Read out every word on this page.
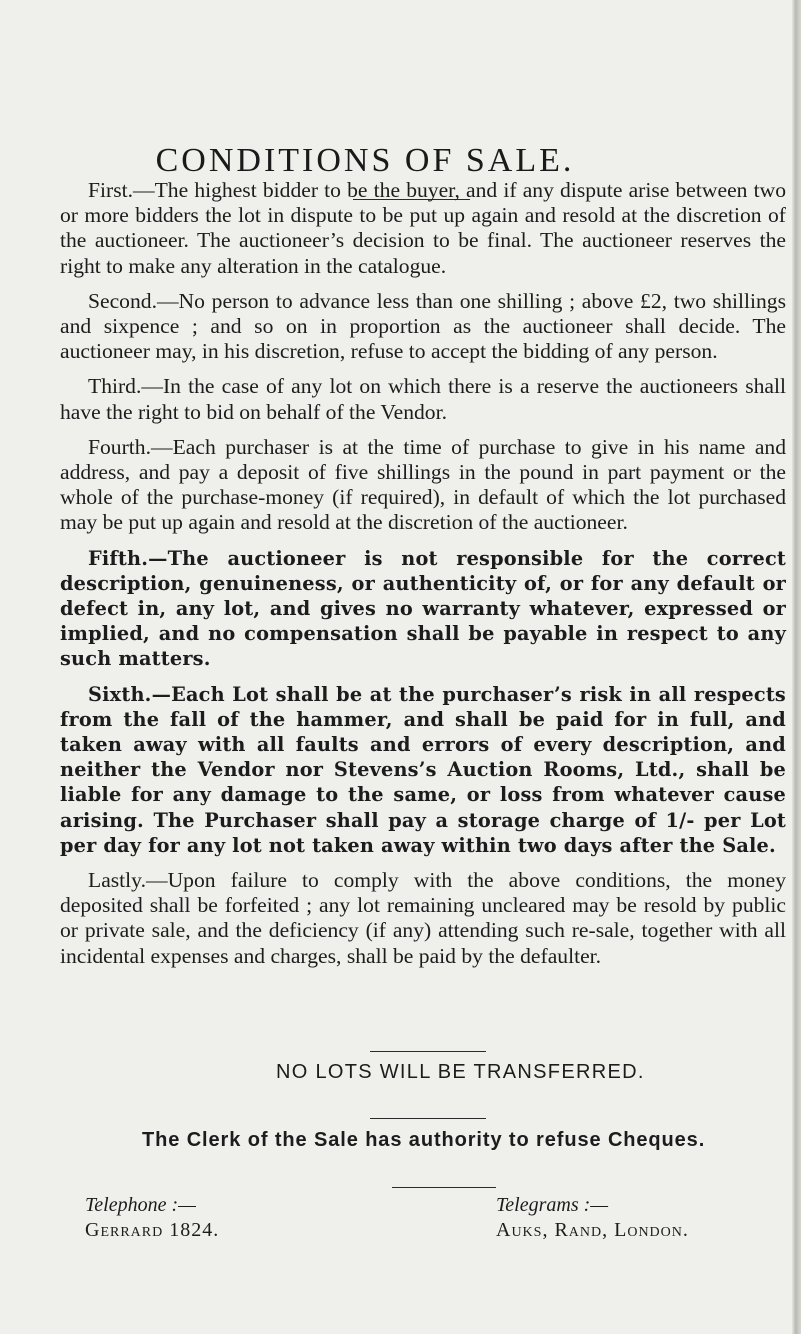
CONDITIONS OF SALE.

First.—The highest bidder to be the buyer, and if any dispute arise between two or more bidders the lot in dispute to be put up again and resold at the discretion of the auctioneer. The auctioneer’s decision to be final. The auctioneer reserves the right to make any alteration in the catalogue.

Second.—No person to advance less than one shilling ; above £2, two shillings and sixpence ; and so on in proportion as the auctioneer shall decide. The auctioneer may, in his discretion, refuse to accept the bidding of any person.

Third.—In the case of any lot on which there is a reserve the auctioneers shall have the right to bid on behalf of the Vendor.

Fourth.—Each purchaser is at the time of purchase to give in his name and address, and pay a deposit of five shillings in the pound in part payment or the whole of the purchase-money (if required), in default of which the lot purchased may be put up again and resold at the discretion of the auctioneer.

Fifth.—The auctioneer is not responsible for the correct description, genuineness, or authenticity of, or for any default or defect in, any lot, and gives no warranty whatever, expressed or implied, and no compensation shall be payable in respect to any such matters.

Sixth.—Each Lot shall be at the purchaser’s risk in all respects from the fall of the hammer, and shall be paid for in full, and taken away with all faults and errors of every description, and neither the Vendor nor Stevens’s Auction Rooms, Ltd., shall be liable for any damage to the same, or loss from whatever cause arising. The Purchaser shall pay a storage charge of 1/- per Lot per day for any lot not taken away within two days after the Sale.

Lastly.—Upon failure to comply with the above conditions, the money deposited shall be forfeited ; any lot remaining uncleared may be resold by public or private sale, and the deficiency (if any) attending such re-sale, together with all incidental expenses and charges, shall be paid by the defaulter.

NO LOTS WILL BE TRANSFERRED.

The Clerk of the Sale has authority to refuse Cheques.

Telephone :—
Gerrard 1824.
Telegrams :—
Auks, Rand, London.
